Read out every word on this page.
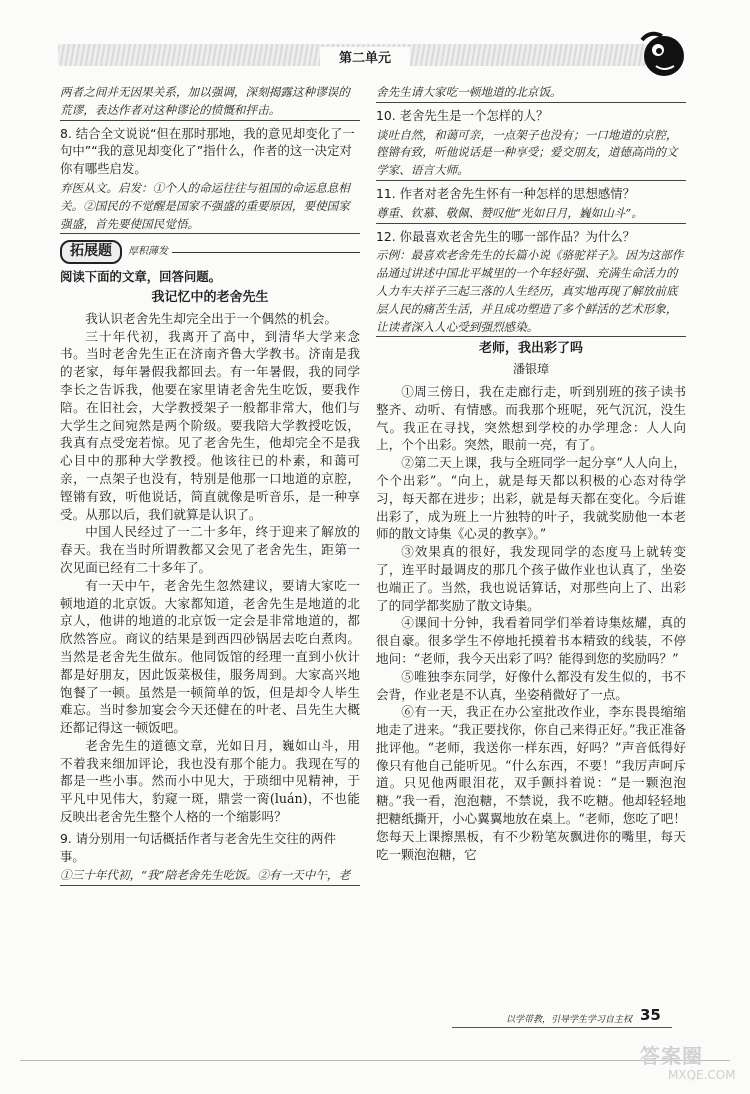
第二单元

两者之间并无因果关系，加以强调，深刻揭露这种谬误的荒谬，表达作者对这种谬论的愤慨和抨击。

8. 结合全文说说“但在那时那地，我的意见却变化了一句中”“我的意见却变化了”指什么，作者的这一决定对你有哪些启发。

弃医从文。启发：①个人的命运往往与祖国的命运息息相关。②国民的不觉醒是国家不强盛的重要原因，要使国家强盛，首先要使国民觉悟。

拓展题	厚积薄发

阅读下面的文章，回答问题。

我记忆中的老舍先生

我认识老舍先生却完全出于一个偶然的机会。

三十年代初，我离开了高中，到清华大学来念书。当时老舍先生正在济南齐鲁大学教书。济南是我的老家，每年暑假我都回去。有一年暑假，我的同学李长之告诉我，他要在家里请老舍先生吃饭，要我作陪。在旧社会，大学教授架子一般都非常大，他们与大学生之间宛然是两个阶级。要我陪大学教授吃饭，我真有点受宠若惊。见了老舍先生，他却完全不是我心目中的那种大学教授。他该往已的朴素，和蔼可亲，一点架子也没有，特别是他那一口地道的京腔，铿锵有致，听他说话，简直就像是听音乐，是一种享受。从那以后，我们就算是认识了。

中国人民经过了一二十多年，终于迎来了解放的春天。我在当时所谓教都又会见了老舍先生，距第一次见面已经有二十多年了。

有一天中午，老舍先生忽然建议，要请大家吃一顿地道的北京饭。大家都知道，老舍先生是地道的北京人，他讲的地道的北京饭一定会是非常地道的，都欣然答应。商议的结果是到西四砂锅居去吃白煮肉。当然是老舍先生做东。他同饭馆的经理一直到小伙计都是好朋友，因此饭菜极佳，服务周到。大家高兴地饱餐了一顿。虽然是一顿简单的饭，但是却令人毕生难忘。当时参加宴会今天还健在的叶老、吕先生大概还都记得这一顿饭吧。

老舍先生的道德文章，光如日月，巍如山斗，用不着我来细加评论，我也没有那个能力。我现在写的都是一些小事。然而小中见大，于琐细中见精神，于平凡中见伟大，豹窥一斑，鼎尝一脔(luán)，不也能反映出老舍先生整个人格的一个缩影吗？

9. 请分别用一句话概括作者与老舍先生交往的两件事。

①三十年代初，“我”陪老舍先生吃饭。②有一天中午，老

舍先生请大家吃一顿地道的北京饭。

10. 老舍先生是一个怎样的人？

谈吐自然，和蔼可亲，一点架子也没有；一口地道的京腔，铿锵有致，听他说话是一种享受；爱交朋友，道德高尚的文学家、语言大师。

11. 作者对老舍先生怀有一种怎样的思想感情？

尊重、钦慕、敬佩、赞叹他“光如日月，巍如山斗”。

12. 你最喜欢老舍先生的哪一部作品？为什么？

示例：最喜欢老舍先生的长篇小说《骆驼祥子》。因为这部作品通过讲述中国北平城里的一个年轻好强、充满生命活力的人力车夫祥子三起三落的人生经历，真实地再现了解放前底层人民的痛苦生活，并且成功塑造了多个鲜活的艺术形象，让读者深入人心受到强烈感染。

老师，我出彩了吗

潘银璋

①周三傍日，我在走廊行走，听到别班的孩子读书整齐、动听、有情感。而我那个班呢，死气沉沉，没生气。我正在寻找，突然想到学校的办学理念：人人向上，个个出彩。突然，眼前一亮，有了。

②第二天上课，我与全班同学一起分享“人人向上，个个出彩”。“向上，就是每天都以积极的心态对待学习，每天都在进步；出彩，就是每天都在变化。今后谁出彩了，成为班上一片独特的叶子，我就奖励他一本老师的散文诗集《心灵的教享》。”

③效果真的很好，我发现同学的态度马上就转变了，连平时最调皮的那几个孩子做作业也认真了，坐姿也端正了。当然，我也说话算话，对那些向上了、出彩了的同学都奖励了散文诗集。

④课间十分钟，我看着同学们举着诗集炫耀，真的很自豪。很多学生不停地托摸着书本精致的线装，不停地问：“老师，我今天出彩了吗？能得到您的奖励吗？”

⑤唯独李东同学，好像什么都没有发生似的，书不会背，作业老是不认真，坐姿稍微好了一点。

⑥有一天，我正在办公室批改作业，李东畏畏缩缩地走了进来。“我正要找你，你自己来得正好。”我正准备批评他。“老师，我送你一样东西，好吗？”声音低得好像只有他自己能听见。“什么东西，不要！”我厉声呵斥道。只见他两眼泪花，双手颤抖着说：“是一颗泡泡糖。”我一看，泡泡糖，不禁说，我不吃糖。他却轻轻地把糖纸撕开，小心翼翼地放在桌上。“老师，您吃了吧！您每天上课擦黑板，有不少粉笔灰飘进你的嘴里，每天吃一颗泡泡糖，它

以学带教，引导学生学习自主权 35
答案圈
MXQE.COM
